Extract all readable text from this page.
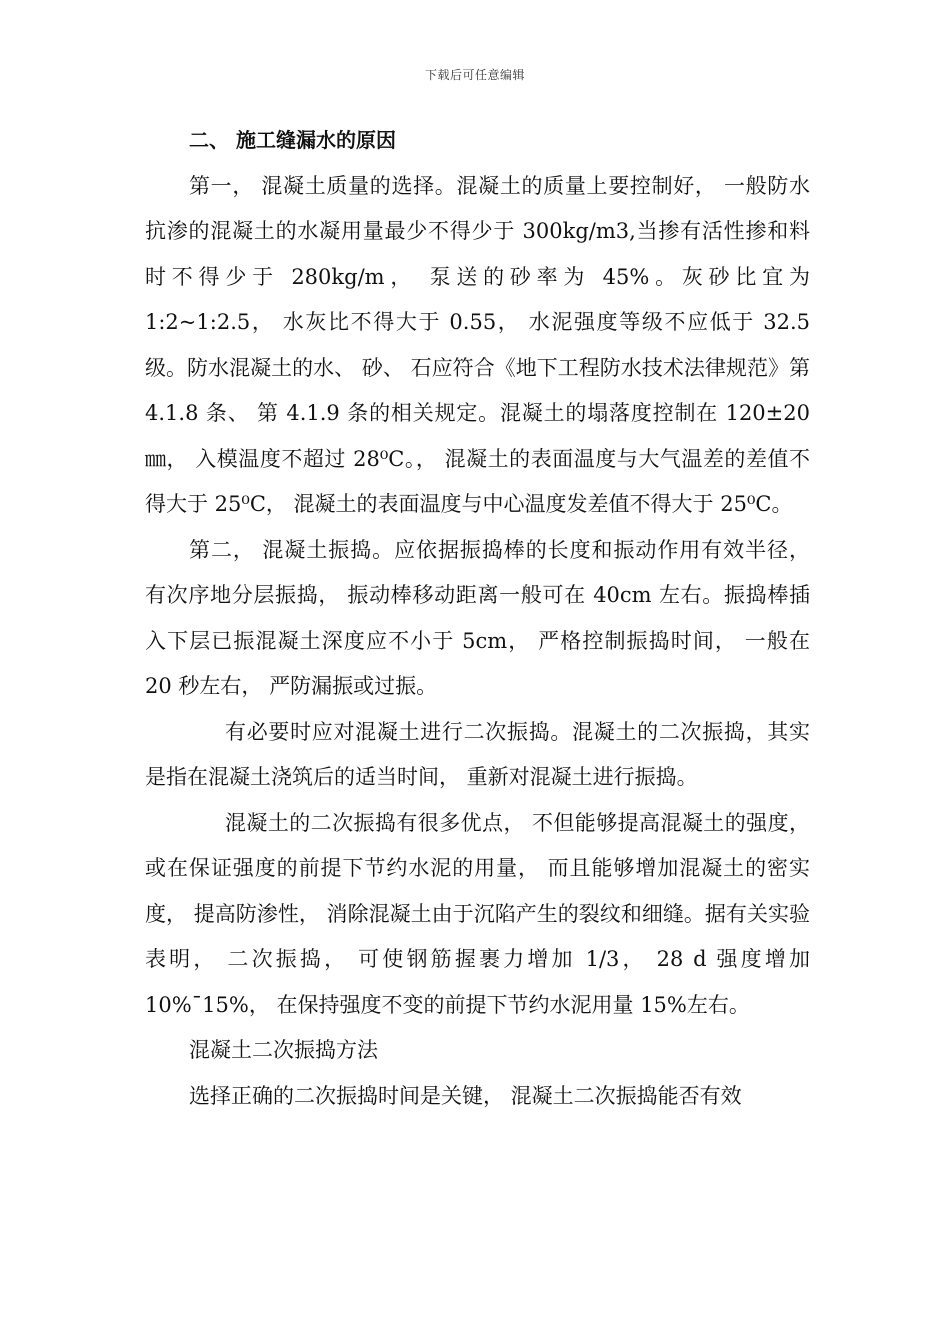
下载后可任意编辑

二、 施工缝漏水的原因

第一， 混凝土质量的选择。混凝土的质量上要控制好， 一般防水抗渗的混凝土的水凝用量最少不得少于 300kg/m3,当掺有活性掺和料时不得少于 280kg/m， 泵送的砂率为 45%。灰砂比宜为 1:2~1:2.5， 水灰比不得大于 0.55， 水泥强度等级不应低于 32.5 级。防水混凝土的水、 砂、 石应符合《地下工程防水技术法律规范》第 4.1.8 条、 第 4.1.9 条的相关规定。混凝土的塌落度控制在 120±20㎜， 入模温度不超过 28⁰C。， 混凝土的表面温度与大气温差的差值不得大于 25⁰C， 混凝土的表面温度与中心温度发差值不得大于 25⁰C。

第二， 混凝土振捣。应依据振捣棒的长度和振动作用有效半径， 有次序地分层振捣， 振动棒移动距离一般可在 40cm 左右。振捣棒插入下层已振混凝土深度应不小于 5cm， 严格控制振捣时间， 一般在 20 秒左右， 严防漏振或过振。

有必要时应对混凝土进行二次振捣。混凝土的二次振捣，其实是指在混凝土浇筑后的适当时间， 重新对混凝土进行振捣。

混凝土的二次振捣有很多优点， 不但能够提高混凝土的强度， 或在保证强度的前提下节约水泥的用量， 而且能够增加混凝土的密实度， 提高防渗性， 消除混凝土由于沉陷产生的裂纹和细缝。据有关实验表明， 二次振捣， 可使钢筋握裹力增加 1/3， 28 d 强度增加 10%¯15%， 在保持强度不变的前提下节约水泥用量 15%左右。

混凝土二次振捣方法

选择正确的二次振捣时间是关键， 混凝土二次振捣能否有效
